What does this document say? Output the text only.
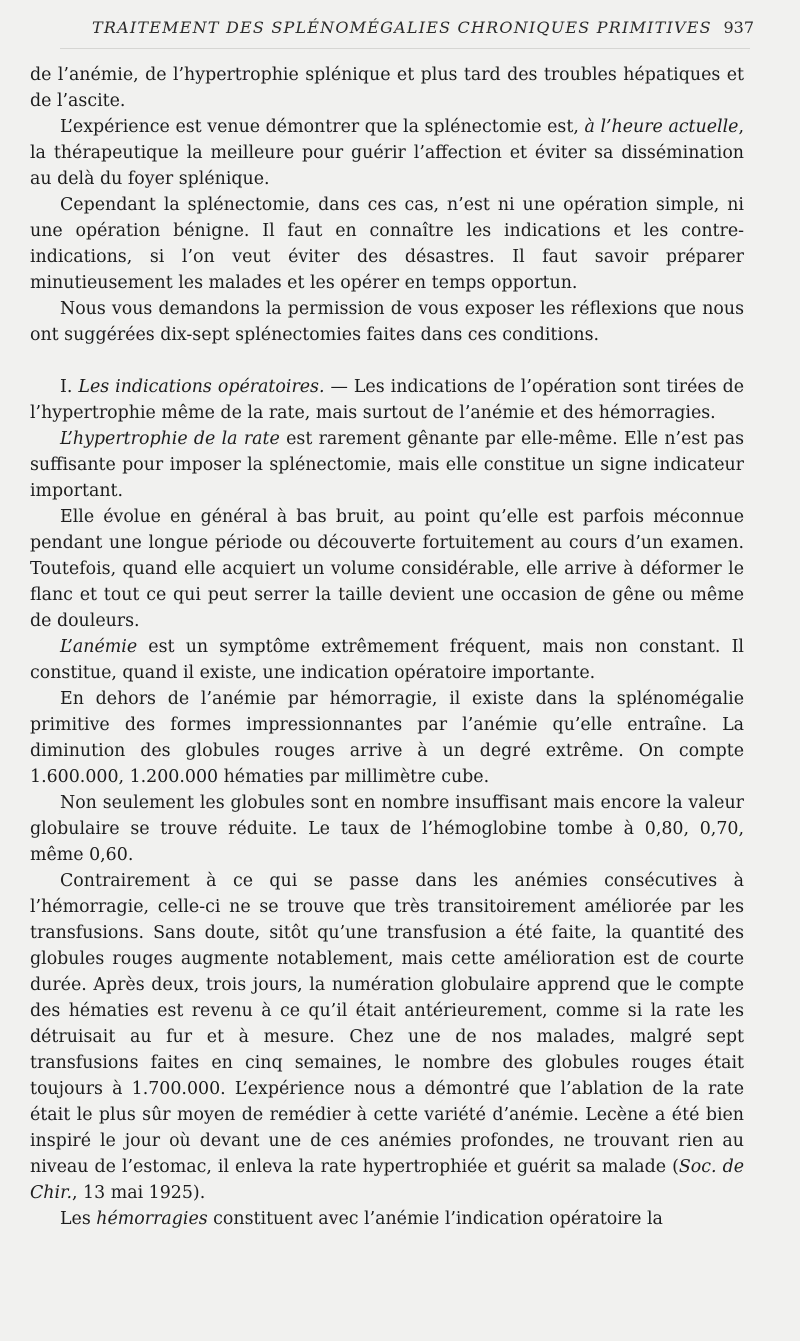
TRAITEMENT DES SPLÉNOMÉGALIES CHRONIQUES PRIMITIVES 937

de l’anémie, de l’hypertrophie splénique et plus tard des troubles hépatiques et de l’ascite.

L’expérience est venue démontrer que la splénectomie est, à l’heure actuelle, la thérapeutique la meilleure pour guérir l’affection et éviter sa dissémination au delà du foyer splénique.

Cependant la splénectomie, dans ces cas, n’est ni une opération simple, ni une opération bénigne. Il faut en connaître les indications et les contre-indications, si l’on veut éviter des désastres. Il faut savoir préparer minutieusement les malades et les opérer en temps opportun.

Nous vous demandons la permission de vous exposer les réflexions que nous ont suggérées dix-sept splénectomies faites dans ces conditions.

I. Les indications opératoires. — Les indications de l’opération sont tirées de l’hypertrophie même de la rate, mais surtout de l’anémie et des hémorragies.

L’hypertrophie de la rate est rarement gênante par elle-même. Elle n’est pas suffisante pour imposer la splénectomie, mais elle constitue un signe indicateur important.

Elle évolue en général à bas bruit, au point qu’elle est parfois méconnue pendant une longue période ou découverte fortuitement au cours d’un examen. Toutefois, quand elle acquiert un volume considérable, elle arrive à déformer le flanc et tout ce qui peut serrer la taille devient une occasion de gêne ou même de douleurs.

L’anémie est un symptôme extrêmement fréquent, mais non constant. Il constitue, quand il existe, une indication opératoire importante.

En dehors de l’anémie par hémorragie, il existe dans la splénomégalie primitive des formes impressionnantes par l’anémie qu’elle entraîne. La diminution des globules rouges arrive à un degré extrême. On compte 1.600.000, 1.200.000 hématies par millimètre cube.

Non seulement les globules sont en nombre insuffisant mais encore la valeur globulaire se trouve réduite. Le taux de l’hémoglobine tombe à 0,80, 0,70, même 0,60.

Contrairement à ce qui se passe dans les anémies consécutives à l’hémorragie, celle-ci ne se trouve que très transitoirement améliorée par les transfusions. Sans doute, sitôt qu’une transfusion a été faite, la quantité des globules rouges augmente notablement, mais cette amélioration est de courte durée. Après deux, trois jours, la numération globulaire apprend que le compte des hématies est revenu à ce qu’il était antérieurement, comme si la rate les détruisait au fur et à mesure. Chez une de nos malades, malgré sept transfusions faites en cinq semaines, le nombre des globules rouges était toujours à 1.700.000. L’expérience nous a démontré que l’ablation de la rate était le plus sûr moyen de remédier à cette variété d’anémie. Lecène a été bien inspiré le jour où devant une de ces anémies profondes, ne trouvant rien au niveau de l’estomac, il enleva la rate hypertrophiée et guérit sa malade (Soc. de Chir., 13 mai 1925).

Les hémorragies constituent avec l’anémie l’indication opératoire la
